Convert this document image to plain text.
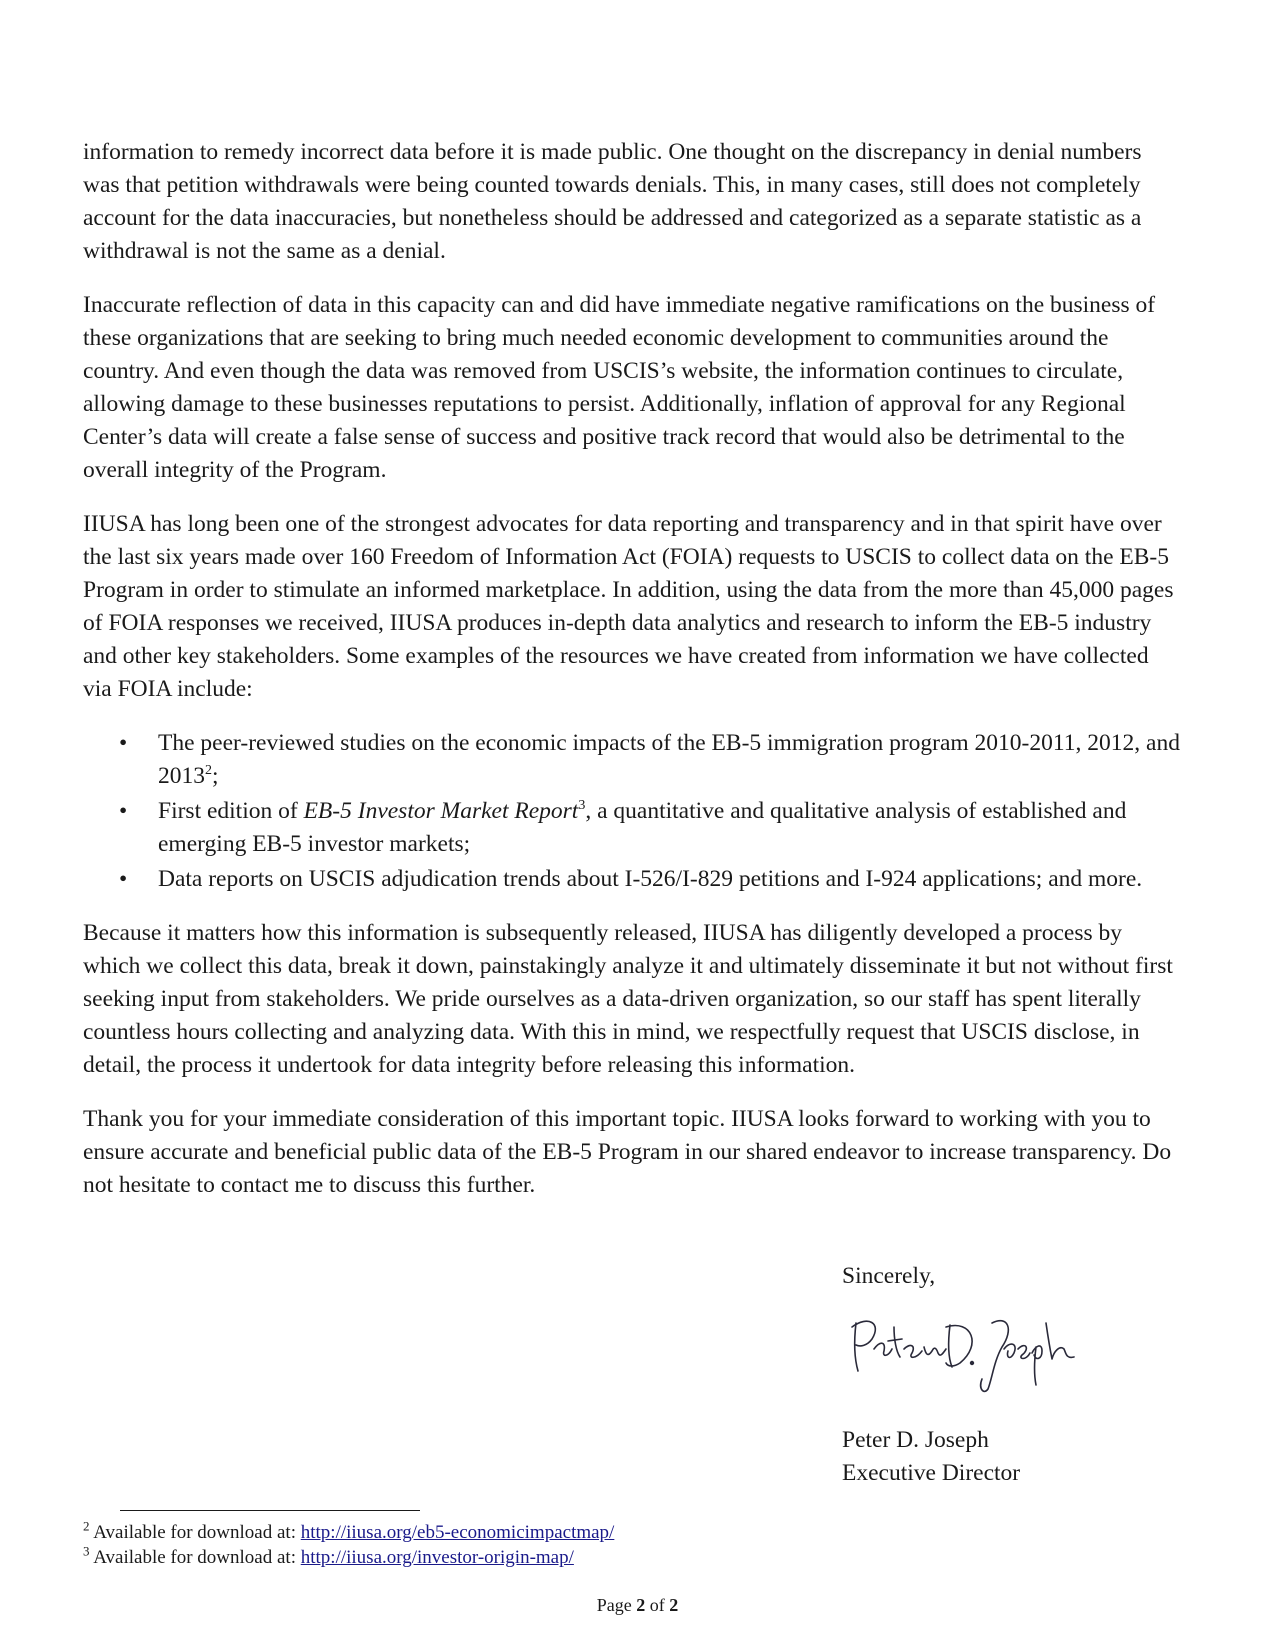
information to remedy incorrect data before it is made public. One thought on the discrepancy in denial numbers was that petition withdrawals were being counted towards denials. This, in many cases, still does not completely account for the data inaccuracies, but nonetheless should be addressed and categorized as a separate statistic as a withdrawal is not the same as a denial.

Inaccurate reflection of data in this capacity can and did have immediate negative ramifications on the business of these organizations that are seeking to bring much needed economic development to communities around the country. And even though the data was removed from USCIS’s website, the information continues to circulate, allowing damage to these businesses reputations to persist. Additionally, inflation of approval for any Regional Center’s data will create a false sense of success and positive track record that would also be detrimental to the overall integrity of the Program.

IIUSA has long been one of the strongest advocates for data reporting and transparency and in that spirit have over the last six years made over 160 Freedom of Information Act (FOIA) requests to USCIS to collect data on the EB-5 Program in order to stimulate an informed marketplace. In addition, using the data from the more than 45,000 pages of FOIA responses we received, IIUSA produces in-depth data analytics and research to inform the EB-5 industry and other key stakeholders. Some examples of the resources we have created from information we have collected via FOIA include:

• The peer-reviewed studies on the economic impacts of the EB-5 immigration program 2010-2011, 2012, and 2013$^2$;
• First edition of EB-5 Investor Market Report$^3$, a quantitative and qualitative analysis of established and emerging EB-5 investor markets;
• Data reports on USCIS adjudication trends about I-526/I-829 petitions and I-924 applications; and more.

Because it matters how this information is subsequently released, IIUSA has diligently developed a process by which we collect this data, break it down, painstakingly analyze it and ultimately disseminate it but not without first seeking input from stakeholders. We pride ourselves as a data-driven organization, so our staff has spent literally countless hours collecting and analyzing data. With this in mind, we respectfully request that USCIS disclose, in detail, the process it undertook for data integrity before releasing this information.

Thank you for your immediate consideration of this important topic. IIUSA looks forward to working with you to ensure accurate and beneficial public data of the EB-5 Program in our shared endeavor to increase transparency. Do not hesitate to contact me to discuss this further.

Sincerely,
Peter D. Joseph
Executive Director
$^2$ Available for download at: http://iiusa.org/eb5-economicimpactmap/
$^3$ Available for download at: http://iiusa.org/investor-origin-map/
Page 2 of 2
